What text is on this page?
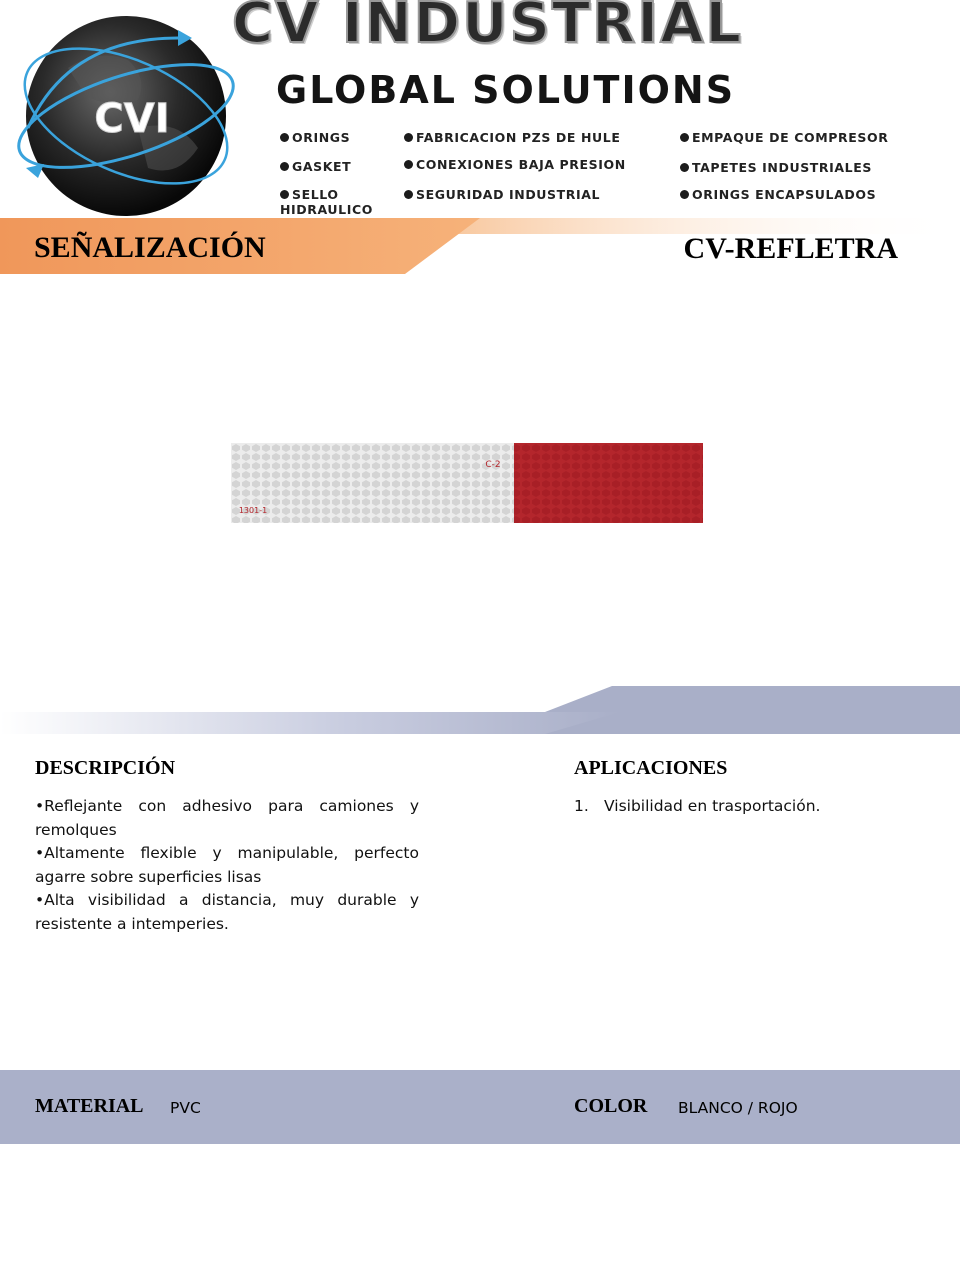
CVI
CV INDUSTRIAL
GLOBAL SOLUTIONS
ORINGS
GASKET
SELLO HIDRAULICO
FABRICACION PZS DE HULE
CONEXIONES BAJA PRESION
SEGURIDAD INDUSTRIAL
EMPAQUE DE COMPRESOR
TAPETES INDUSTRIALES
ORINGS ENCAPSULADOS
SEÑALIZACIÓN	CV-REFLETRA
C-2
1301-1
DESCRIPCIÓN
•Reflejante con adhesivo para camiones y remolques
•Altamente flexible y manipulable, perfecto agarre sobre superficies lisas
•Alta visibilidad a distancia, muy durable y resistente a intemperies.
APLICACIONES
1. Visibilidad en trasportación.
MATERIAL PVC	COLOR BLANCO / ROJO
